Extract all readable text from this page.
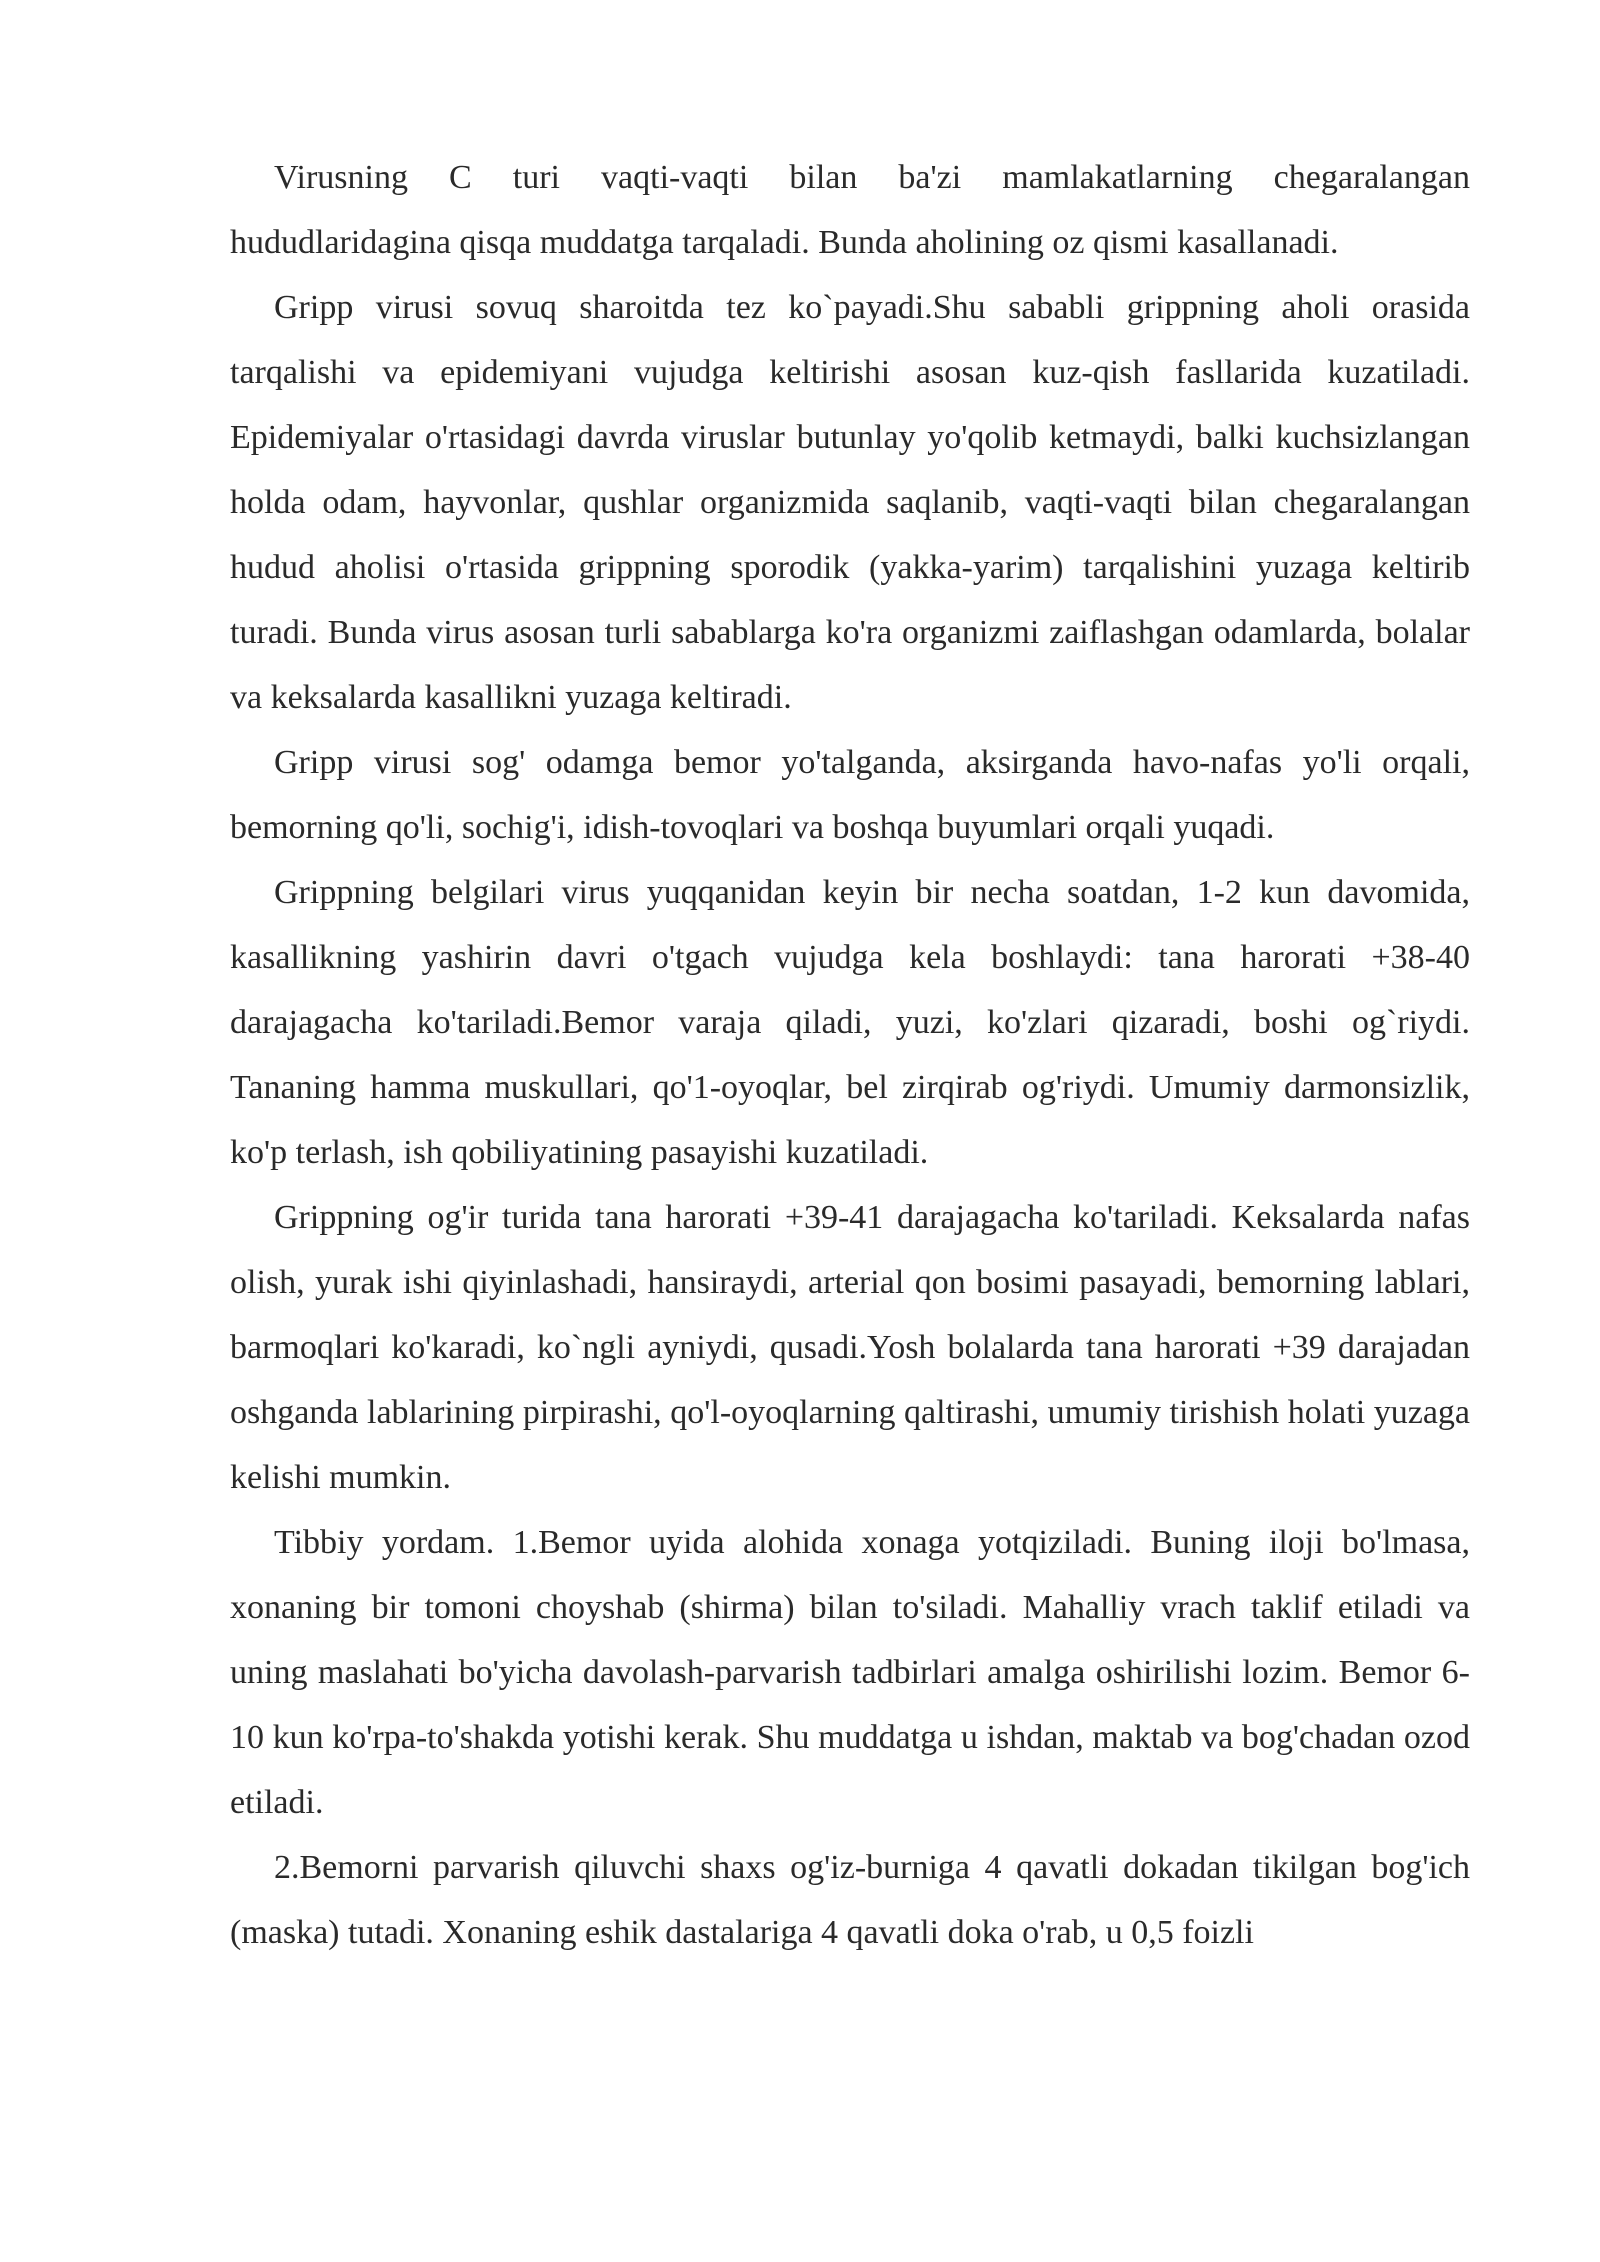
Virusning C turi vaqti-vaqti bilan ba'zi mamlakatlarning chegaralangan hududlaridagina qisqa muddatga tarqaladi. Bunda aholining oz qismi kasallanadi.

Gripp virusi sovuq sharoitda tez ko`payadi.Shu sababli grippning aholi orasida tarqalishi va epidemiyani vujudga keltirishi asosan kuz-qish fasllarida kuzatiladi. Epidemiyalar o'rtasidagi davrda viruslar butunlay yo'qolib ketmaydi, balki kuchsizlangan holda odam, hayvonlar, qushlar organizmida saqlanib, vaqti-vaqti bilan chegaralangan hudud aholisi o'rtasida grippning sporodik (yakka-yarim) tarqalishini yuzaga keltirib turadi. Bunda virus asosan turli sabablarga ko'ra organizmi zaiflashgan odamlarda, bolalar va keksalarda kasallikni yuzaga keltiradi.

Gripp virusi sog' odamga bemor yo'talganda, aksirganda havo-nafas yo'li orqali, bemorning qo'li, sochig'i, idish-tovoqlari va boshqa buyumlari orqali yuqadi.

Grippning belgilari virus yuqqanidan keyin bir necha soatdan, 1-2 kun davomida, kasallikning yashirin davri o'tgach vujudga kela boshlaydi: tana harorati +38-40 darajagacha ko'tariladi.Bemor varaja qiladi, yuzi, ko'zlari qizaradi, boshi og`riydi. Tananing hamma muskullari, qo'1-oyoqlar, bel zirqirab og'riydi. Umumiy darmonsizlik, ko'p terlash, ish qobiliyatining pasayishi kuzatiladi.

Grippning og'ir turida tana harorati +39-41 darajagacha ko'tariladi. Keksalarda nafas olish, yurak ishi qiyinlashadi, hansiraydi, arterial qon bosimi pasayadi, bemorning lablari, barmoqlari ko'karadi, ko`ngli ayniydi, qusadi.Yosh bolalarda tana harorati +39 darajadan oshganda lablarining pirpirashi, qo'l-oyoqlarning qaltirashi, umumiy tirishish holati yuzaga kelishi mumkin.

Tibbiy yordam. 1.Bemor uyida alohida xonaga yotqiziladi. Buning iloji bo'lmasa, xonaning bir tomoni choyshab (shirma) bilan to'siladi. Mahalliy vrach taklif etiladi va uning maslahati bo'yicha davolash-parvarish tadbirlari amalga oshirilishi lozim. Bemor 6-10 kun ko'rpa-to'shakda yotishi kerak. Shu muddatga u ishdan, maktab va bog'chadan ozod etiladi.

2.Bemorni parvarish qiluvchi shaxs og'iz-burniga 4 qavatli dokadan tikilgan bog'ich (maska) tutadi. Xonaning eshik dastalariga 4 qavatli doka o'rab, u 0,5 foizli
